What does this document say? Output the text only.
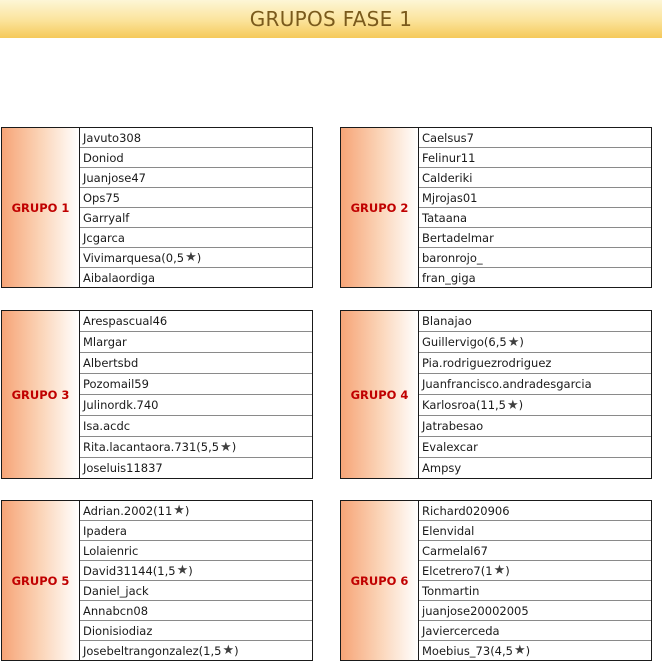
GRUPOS FASE 1
GRUPO 1
Javuto308
Doniod
Juanjose47
Ops75
Garryalf
Jcgarca
Vivimarquesa(0,5 ★ )
Aibalaordiga
GRUPO 2
Caelsus7
Felinur11
Calderiki
Mjrojas01
Tataana
Bertadelmar
baronrojo_
fran_giga
GRUPO 3
Arespascual46
Mlargar
Albertsbd
Pozomail59
Julinordk.740
Isa.acdc
Rita.lacantaora.731(5,5 ★ )
Joseluis11837
GRUPO 4
Blanajao
Guillervigo(6,5 ★ )
Pia.rodriguezrodriguez
Juanfrancisco.andradesgarcia
Karlosroa(11,5 ★ )
Jatrabesao
Evalexcar
Ampsy
GRUPO 5
Adrian.2002(11 ★ )
Ipadera
Lolaienric
David31144(1,5 ★ )
Daniel_jack
Annabcn08
Dionisiodiaz
Josebeltrangonzalez(1,5 ★ )
GRUPO 6
Richard020906
Elenvidal
Carmelal67
Elcetrero7(1 ★ )
Tonmartin
juanjose20002005
Javiercerceda
Moebius_73(4,5 ★ )
